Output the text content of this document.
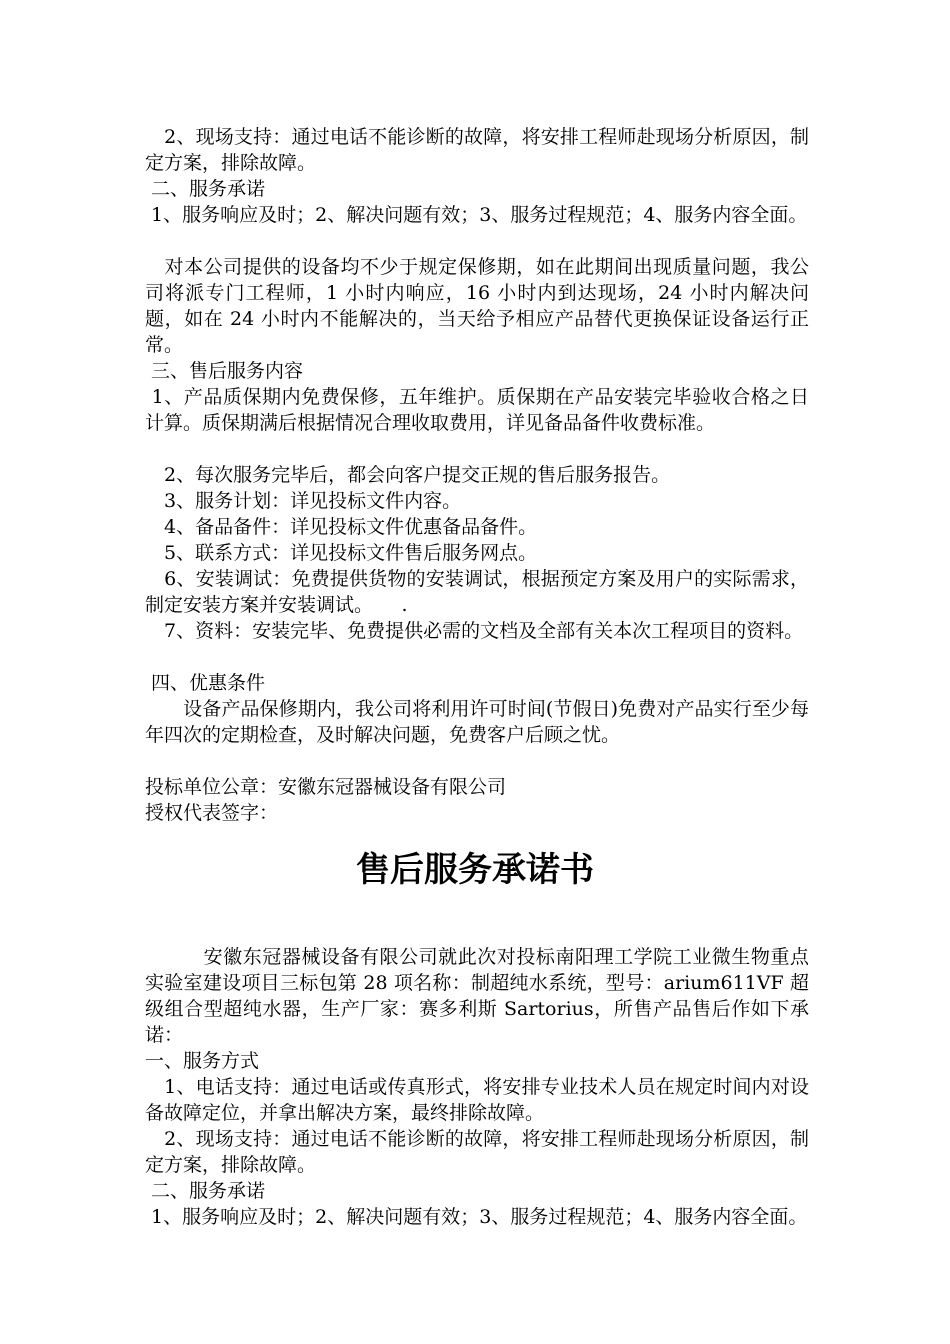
　2、现场支持：通过电话不能诊断的故障，将安排工程师赴现场分析原因，制定方案，排除故障。

二、服务承诺

1、服务响应及时；2、解决问题有效；3、服务过程规范；4、服务内容全面。

　对本公司提供的设备均不少于规定保修期，如在此期间出现质量问题，我公司将派专门工程师，1 小时内响应，16 小时内到达现场，24 小时内解决问题，如在 24 小时内不能解决的，当天给予相应产品替代更换保证设备运行正常。

三、售后服务内容

1、产品质保期内免费保修，五年维护。质保期在产品安装完毕验收合格之日计算。质保期满后根据情况合理收取费用，详见备品备件收费标准。

　2、每次服务完毕后，都会向客户提交正规的售后服务报告。

　3、服务计划：详见投标文件内容。

　4、备品备件：详见投标文件优惠备品备件。

　5、联系方式：详见投标文件售后服务网点。

　6、安装调试：免费提供货物的安装调试，根据预定方案及用户的实际需求，制定安装方案并安装调试。　　.

　7、资料：安装完毕、免费提供必需的文档及全部有关本次工程项目的资料。

四、优惠条件

　　设备产品保修期内，我公司将利用许可时间(节假日)免费对产品实行至少每年四次的定期检查，及时解决问题，免费客户后顾之忧。

投标单位公章：安徽东冠器械设备有限公司

授权代表签字：

售后服务承诺书

　　　安徽东冠器械设备有限公司就此次对投标南阳理工学院工业微生物重点实验室建设项目三标包第 28 项名称：制超纯水系统，型号：arium611VF 超级组合型超纯水器，生产厂家：赛多利斯 Sartorius，所售产品售后作如下承诺：

一、服务方式

　1、电话支持：通过电话或传真形式，将安排专业技术人员在规定时间内对设备故障定位，并拿出解决方案，最终排除故障。

　2、现场支持：通过电话不能诊断的故障，将安排工程师赴现场分析原因，制定方案，排除故障。

二、服务承诺

1、服务响应及时；2、解决问题有效；3、服务过程规范；4、服务内容全面。
